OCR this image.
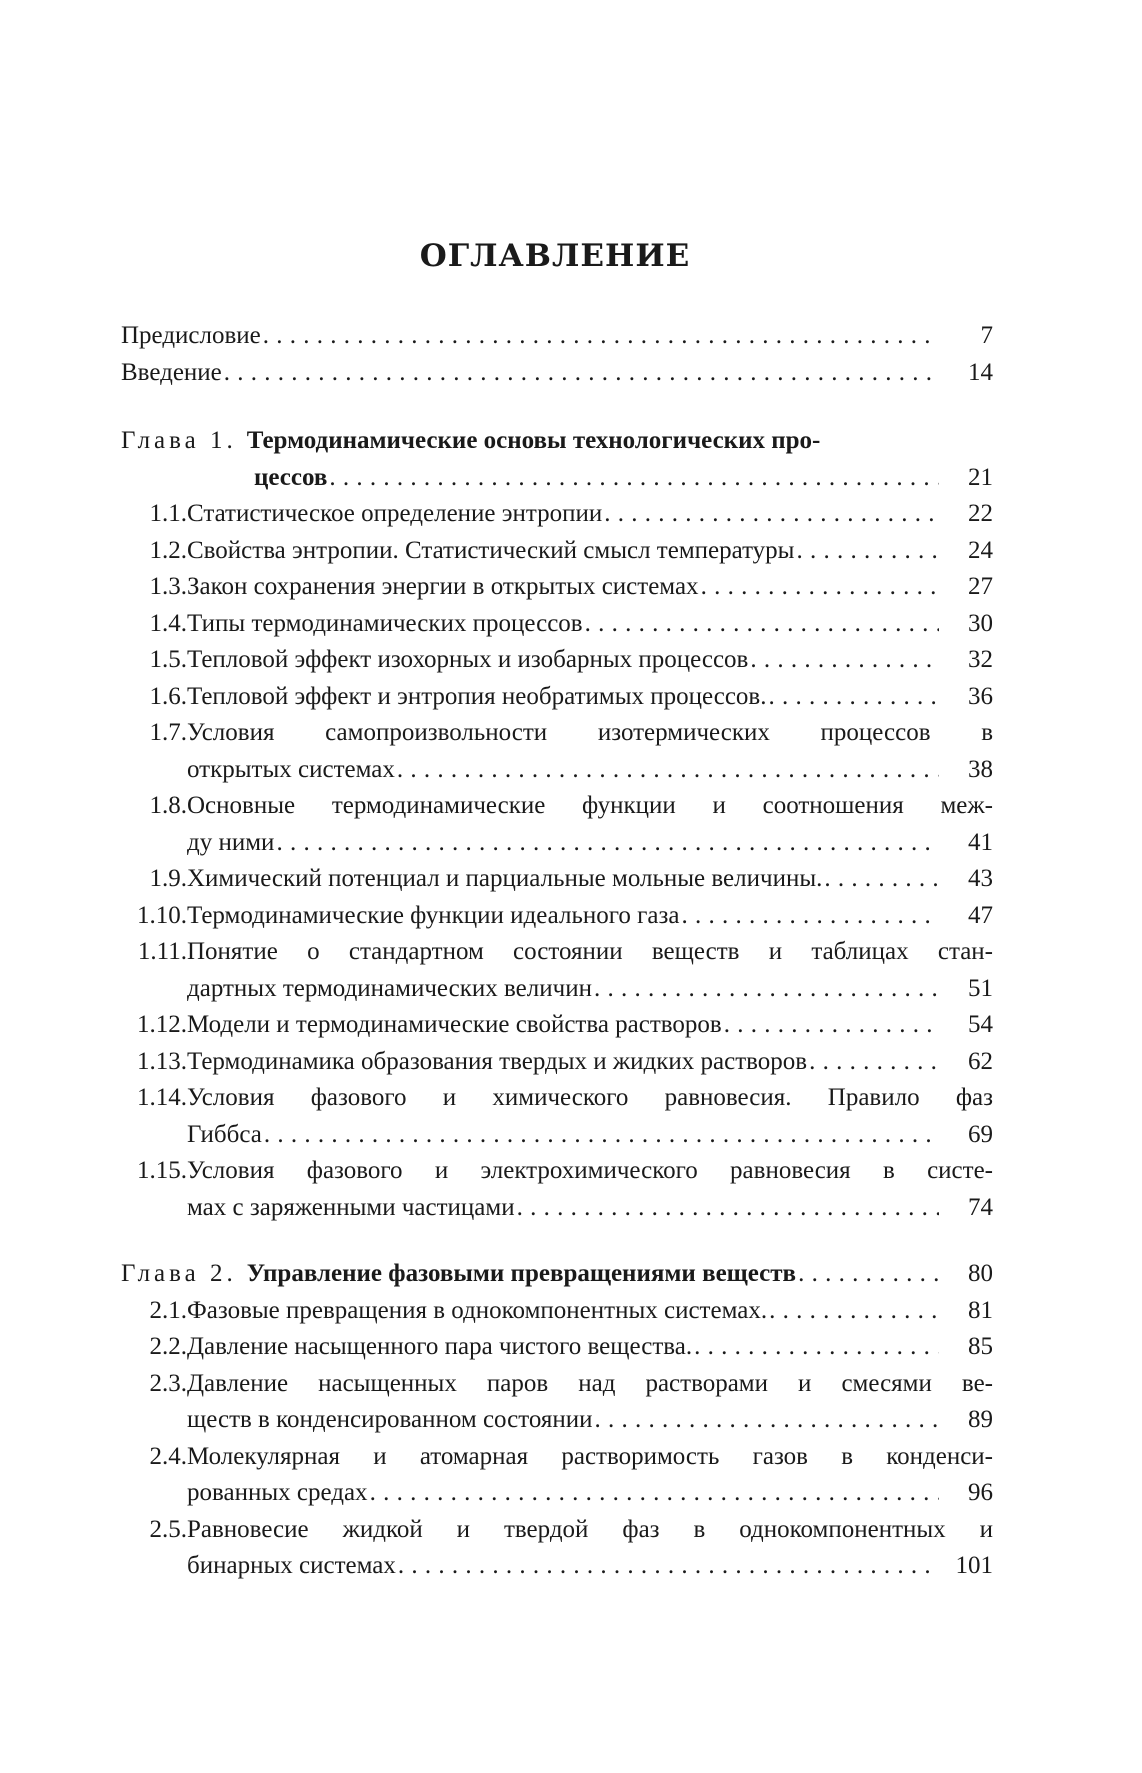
ОГЛАВЛЕНИЕ
Предисловие . . .	7
Введение . . .	14
Глава 1. Термодинамические основы технологических про-
цессов . . .	21
1.1. Статистическое определение энтропии . . .	22
1.2. Свойства энтропии. Статистический смысл температуры . . .	24
1.3. Закон сохранения энергии в открытых системах . . .	27
1.4. Типы термодинамических процессов . . .	30
1.5. Тепловой эффект изохорных и изобарных процессов . . .	32
1.6. Тепловой эффект и энтропия необратимых процессов. . . .	36
1.7. Условия самопроизвольности изотермических процессов в
открытых системах . . .	38
1.8. Основные термодинамические функции и соотношения меж-
ду ними . . .	41
1.9. Химический потенциал и парциальные мольные величины. . . .	43
1.10. Термодинамические функции идеального газа . . .	47
1.11. Понятие о стандартном состоянии веществ и таблицах стан-
дартных термодинамических величин . . .	51
1.12. Модели и термодинамические свойства растворов . . .	54
1.13. Термодинамика образования твердых и жидких растворов . . .	62
1.14. Условия фазового и химического равновесия. Правило фаз
Гиббса . . .	69
1.15. Условия фазового и электрохимического равновесия в систе-
мах с заряженными частицами . . .	74
Глава 2. Управление фазовыми превращениями веществ . . .	80
2.1. Фазовые превращения в однокомпонентных системах. . . .	81
2.2. Давление насыщенного пара чистого вещества. . . .	85
2.3. Давление насыщенных паров над растворами и смесями ве-
ществ в конденсированном состоянии . . .	89
2.4. Молекулярная и атомарная растворимость газов в конденси-
рованных средах . . .	96
2.5. Равновесие жидкой и твердой фаз в однокомпонентных и
бинарных системах . . .	101
